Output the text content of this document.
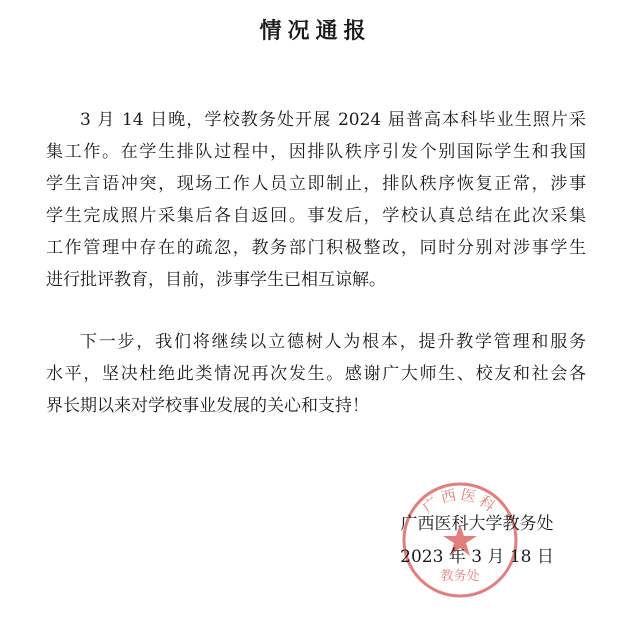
情况通报
3 月 14 日晚，学校教务处开展 2024 届普高本科毕业生照片采
集工作。在学生排队过程中，因排队秩序引发个别国际学生和我国
学生言语冲突，现场工作人员立即制止，排队秩序恢复正常，涉事
学生完成照片采集后各自返回。事发后，学校认真总结在此次采集
工作管理中存在的疏忽，教务部门积极整改，同时分别对涉事学生
进行批评教育，目前，涉事学生已相互谅解。
下一步，我们将继续以立德树人为根本，提升教学管理和服务
水平，坚决杜绝此类情况再次发生。感谢广大师生、校友和社会各
界长期以来对学校事业发展的关心和支持！
广西医科
教务处
广西医科大学教务处
2023 年 3 月 18 日
